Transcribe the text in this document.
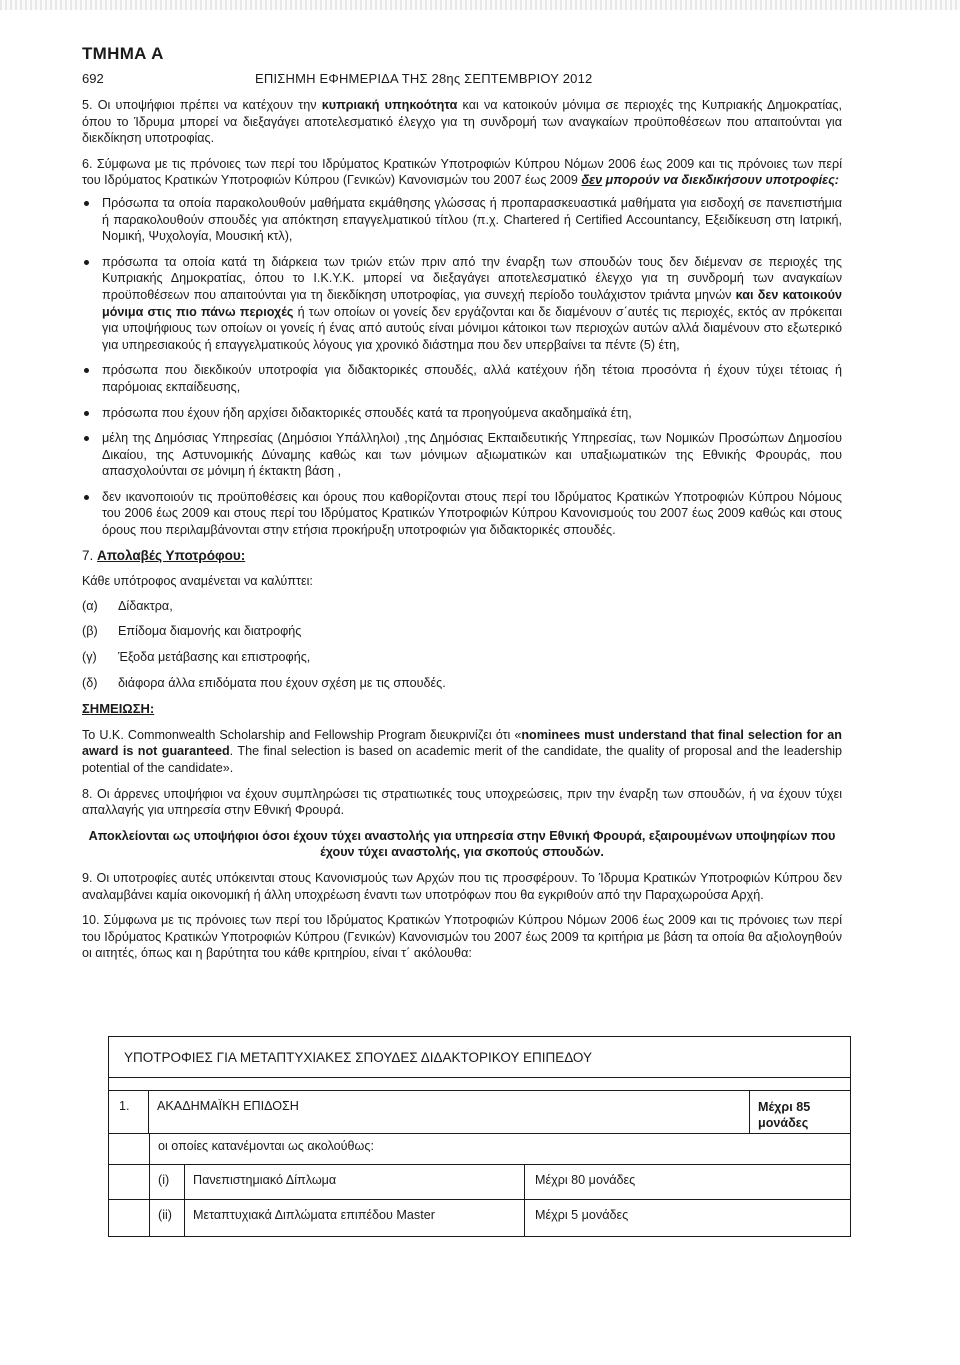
ΤΜΗΜΑ Α
692	ΕΠΙΣΗΜΗ ΕΦΗΜΕΡΙΔΑ ΤΗΣ 28ης ΣΕΠΤΕΜΒΡΙΟΥ 2012

5. Οι υποψήφιοι πρέπει να κατέχουν την κυπριακή υπηκοότητα και να κατοικούν μόνιμα σε περιοχές της Κυπριακής Δημοκρατίας, όπου το Ίδρυμα μπορεί να διεξαγάγει αποτελεσματικό έλεγχο για τη συνδρομή των αναγκαίων προϋποθέσεων που απαιτούνται για διεκδίκηση υποτροφίας.

6. Σύμφωνα με τις πρόνοιες των περί του Ιδρύματος Κρατικών Υποτροφιών Κύπρου Νόμων 2006 έως 2009 και τις πρόνοιες των περί του Ιδρύματος Κρατικών Υποτροφιών Κύπρου (Γενικών) Κανονισμών του 2007 έως 2009 δεν μπορούν να διεκδικήσουν υποτροφίες:

Πρόσωπα τα οποία παρακολουθούν μαθήματα εκμάθησης γλώσσας ή προπαρασκευαστικά μαθήματα για εισδοχή σε πανεπιστήμια ή παρακολουθούν σπουδές για απόκτηση επαγγελματικού τίτλου (π.χ. Chartered ή Certified Accountancy, Εξειδίκευση στη Ιατρική, Νομική, Ψυχολογία, Μουσική κτλ),
πρόσωπα τα οποία κατά τη διάρκεια των τριών ετών πριν από την έναρξη των σπουδών τους δεν διέμεναν σε περιοχές της Κυπριακής Δημοκρατίας, όπου το Ι.Κ.Υ.Κ. μπορεί να διεξαγάγει αποτελεσματικό έλεγχο για τη συνδρομή των αναγκαίων προϋποθέσεων που απαιτούνται για τη διεκδίκηση υποτροφίας, για συνεχή περίοδο τουλάχιστον τριάντα μηνών και δεν κατοικούν μόνιμα στις πιο πάνω περιοχές ή των οποίων οι γονείς δεν εργάζονται και δε διαμένουν σ΄αυτές τις περιοχές, εκτός αν πρόκειται για υποψήφιους των οποίων οι γονείς ή ένας από αυτούς είναι μόνιμοι κάτοικοι των περιοχών αυτών αλλά διαμένουν στο εξωτερικό για υπηρεσιακούς ή επαγγελματικούς λόγους για χρονικό διάστημα που δεν υπερβαίνει τα πέντε (5) έτη,
πρόσωπα που διεκδικούν υποτροφία για διδακτορικές σπουδές, αλλά κατέχουν ήδη τέτοια προσόντα ή έχουν τύχει τέτοιας ή παρόμοιας εκπαίδευσης,
πρόσωπα που έχουν ήδη αρχίσει διδακτορικές σπουδές κατά τα προηγούμενα ακαδημαϊκά έτη,
μέλη της Δημόσιας Υπηρεσίας (Δημόσιοι Υπάλληλοι) ,της Δημόσιας Εκπαιδευτικής Υπηρεσίας, των Νομικών Προσώπων Δημοσίου Δικαίου, της Αστυνομικής Δύναμης καθώς και των μόνιμων αξιωματικών και υπαξιωματικών της Εθνικής Φρουράς, που απασχολούνται σε μόνιμη ή έκτακτη βάση ,
δεν ικανοποιούν τις προϋποθέσεις και όρους που καθορίζονται στους περί του Ιδρύματος Κρατικών Υποτροφιών Κύπρου Νόμους του 2006 έως 2009 και στους περί του Ιδρύματος Κρατικών Υποτροφιών Κύπρου Κανονισμούς του 2007 έως 2009 καθώς και στους όρους που περιλαμβάνονται στην ετήσια προκήρυξη υποτροφιών για διδακτορικές σπουδές.

7. Απολαβές Υποτρόφου:

Κάθε υπότροφος αναμένεται να καλύπτει:

(α)	Δίδακτρα,
(β)	Επίδομα διαμονής και διατροφής
(γ)	Έξοδα μετάβασης και επιστροφής,
(δ)	διάφορα άλλα επιδόματα που έχουν σχέση με τις σπουδές.

ΣΗΜΕΙΩΣΗ:

Το U.K. Commonwealth Scholarship and Fellowship Program διευκρινίζει ότι «nominees must understand that final selection for an award is not guaranteed. The final selection is based on academic merit of the candidate, the quality of proposal and the leadership potential of the candidate».

8. Οι άρρενες υποψήφιοι να έχουν συμπληρώσει τις στρατιωτικές τους υποχρεώσεις, πριν την έναρξη των σπουδών, ή να έχουν τύχει απαλλαγής για υπηρεσία στην Εθνική Φρουρά.

Αποκλείονται ως υποψήφιοι όσοι έχουν τύχει αναστολής για υπηρεσία στην Εθνική Φρουρά, εξαιρουμένων υποψηφίων που έχουν τύχει αναστολής, για σκοπούς σπουδών.

9. Οι υποτροφίες αυτές υπόκεινται στους Κανονισμούς των Αρχών που τις προσφέρουν. Το Ίδρυμα Κρατικών Υποτροφιών Κύπρου δεν αναλαμβάνει καμία οικονομική ή άλλη υποχρέωση έναντι των υποτρόφων που θα εγκριθούν από την Παραχωρούσα Αρχή.

10. Σύμφωνα με τις πρόνοιες των περί του Ιδρύματος Κρατικών Υποτροφιών Κύπρου Νόμων 2006 έως 2009 και τις πρόνοιες των περί του Ιδρύματος Κρατικών Υποτροφιών Κύπρου (Γενικών) Κανονισμών του 2007 έως 2009 τα κριτήρια με βάση τα οποία θα αξιολογηθούν οι αιτητές, όπως και η βαρύτητα του κάθε κριτηρίου, είναι τ΄ ακόλουθα:

ΥΠΟΤΡΟΦΙΕΣ ΓΙΑ ΜΕΤΑΠΤΥΧΙΑΚΕΣ ΣΠΟΥΔΕΣ ΔΙΔΑΚΤΟΡΙΚΟΥ ΕΠΙΠΕΔΟΥ
1.	ΑΚΑΔΗΜΑΪΚΗ ΕΠΙΔΟΣΗ	Μέχρι 85 μονάδες
οι οποίες κατανέμονται ως ακολούθως:
(i)	Πανεπιστημιακό Δίπλωμα	Μέχρι 80 μονάδες
(ii)	Μεταπτυχιακά Διπλώματα επιπέδου Master	Μέχρι 5 μονάδες
